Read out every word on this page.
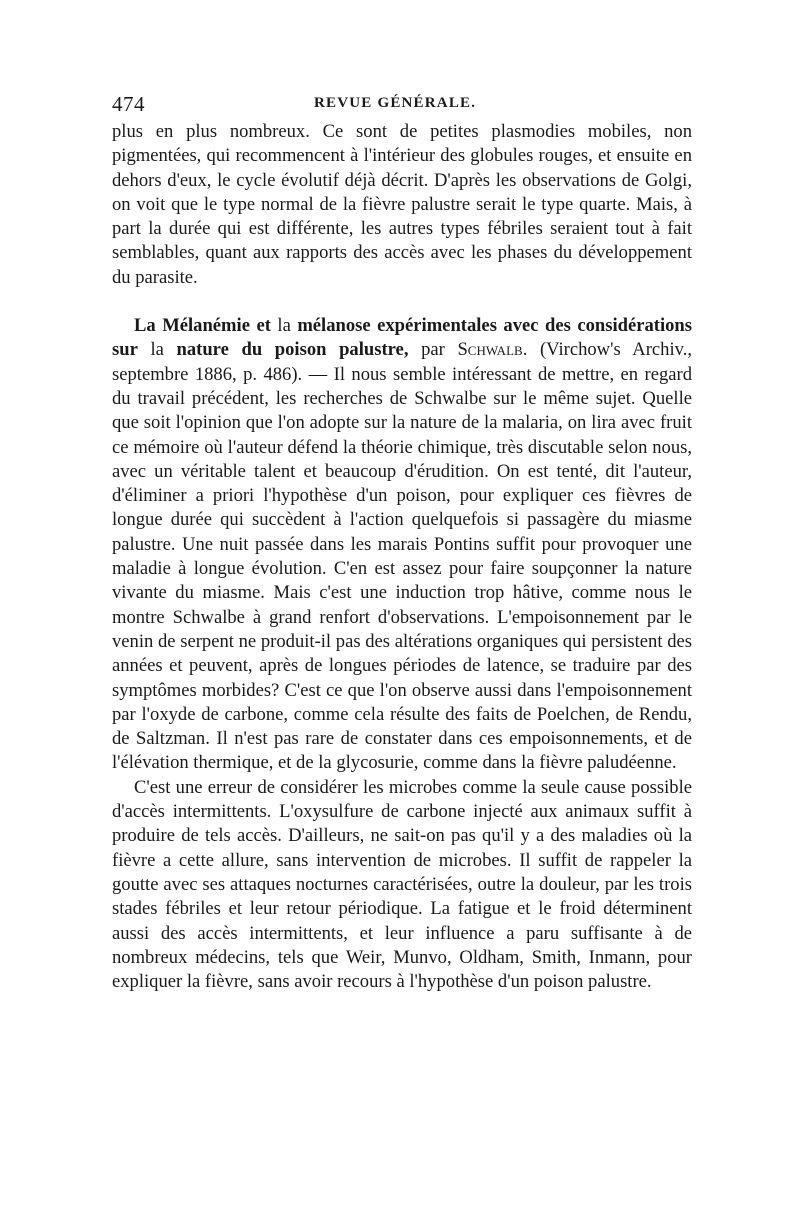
474	REVUE GÉNÉRALE.

plus en plus nombreux. Ce sont de petites plasmodies mobiles, non pigmentées, qui recommencent à l'intérieur des globules rouges, et ensuite en dehors d'eux, le cycle évolutif déjà décrit. D'après les observations de Golgi, on voit que le type normal de la fièvre palustre serait le type quarte. Mais, à part la durée qui est différente, les autres types fébriles seraient tout à fait semblables, quant aux rapports des accès avec les phases du développement du parasite.

La Mélanémie et la mélanose expérimentales avec des considérations sur la nature du poison palustre, par Schwalb. (Virchow's Archiv., septembre 1886, p. 486). — Il nous semble intéressant de mettre, en regard du travail précédent, les recherches de Schwalbe sur le même sujet. Quelle que soit l'opinion que l'on adopte sur la nature de la malaria, on lira avec fruit ce mémoire où l'auteur défend la théorie chimique, très discutable selon nous, avec un véritable talent et beaucoup d'érudition. On est tenté, dit l'auteur, d'éliminer a priori l'hypothèse d'un poison, pour expliquer ces fièvres de longue durée qui succèdent à l'action quelquefois si passagère du miasme palustre. Une nuit passée dans les marais Pontins suffit pour provoquer une maladie à longue évolution. C'en est assez pour faire soupçonner la nature vivante du miasme. Mais c'est une induction trop hâtive, comme nous le montre Schwalbe à grand renfort d'observations. L'empoisonnement par le venin de serpent ne produit-il pas des altérations organiques qui persistent des années et peuvent, après de longues périodes de latence, se traduire par des symptômes morbides? C'est ce que l'on observe aussi dans l'empoisonnement par l'oxyde de carbone, comme cela résulte des faits de Poelchen, de Rendu, de Saltzman. Il n'est pas rare de constater dans ces empoisonnements, et de l'élévation thermique, et de la glycosurie, comme dans la fièvre paludéenne.

C'est une erreur de considérer les microbes comme la seule cause possible d'accès intermittents. L'oxysulfure de carbone injecté aux animaux suffit à produire de tels accès. D'ailleurs, ne sait-on pas qu'il y a des maladies où la fièvre a cette allure, sans intervention de microbes. Il suffit de rappeler la goutte avec ses attaques nocturnes caractérisées, outre la douleur, par les trois stades fébriles et leur retour périodique. La fatigue et le froid déterminent aussi des accès intermittents, et leur influence a paru suffisante à de nombreux médecins, tels que Weir, Munvo, Oldham, Smith, Inmann, pour expliquer la fièvre, sans avoir recours à l'hypothèse d'un poison palustre.
